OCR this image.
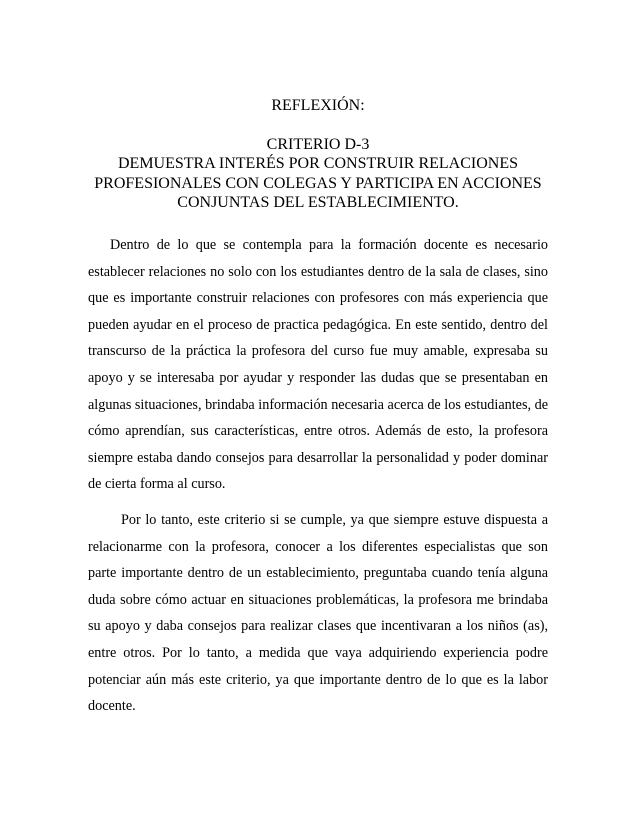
REFLEXIÓN:
CRITERIO D-3
DEMUESTRA INTERÉS POR CONSTRUIR RELACIONES PROFESIONALES CON COLEGAS Y PARTICIPA EN ACCIONES CONJUNTAS DEL ESTABLECIMIENTO.

Dentro de lo que se contempla para la formación docente es necesario establecer relaciones no solo con los estudiantes dentro de la sala de clases, sino que es importante construir relaciones con profesores con más experiencia que pueden ayudar en el proceso de practica pedagógica. En este sentido, dentro del transcurso de la práctica la profesora del curso fue muy amable, expresaba su apoyo y se interesaba por ayudar y responder las dudas que se presentaban en algunas situaciones, brindaba información necesaria acerca de los estudiantes, de cómo aprendían, sus características, entre otros. Además de esto, la profesora siempre estaba dando consejos para desarrollar la personalidad y poder dominar de cierta forma al curso.

Por lo tanto, este criterio si se cumple, ya que siempre estuve dispuesta a relacionarme con la profesora, conocer a los diferentes especialistas que son parte importante dentro de un establecimiento, preguntaba cuando tenía alguna duda sobre cómo actuar en situaciones problemáticas, la profesora me brindaba su apoyo y daba consejos para realizar clases que incentivaran a los niños (as), entre otros. Por lo tanto, a medida que vaya adquiriendo experiencia podre potenciar aún más este criterio, ya que importante dentro de lo que es la labor docente.
